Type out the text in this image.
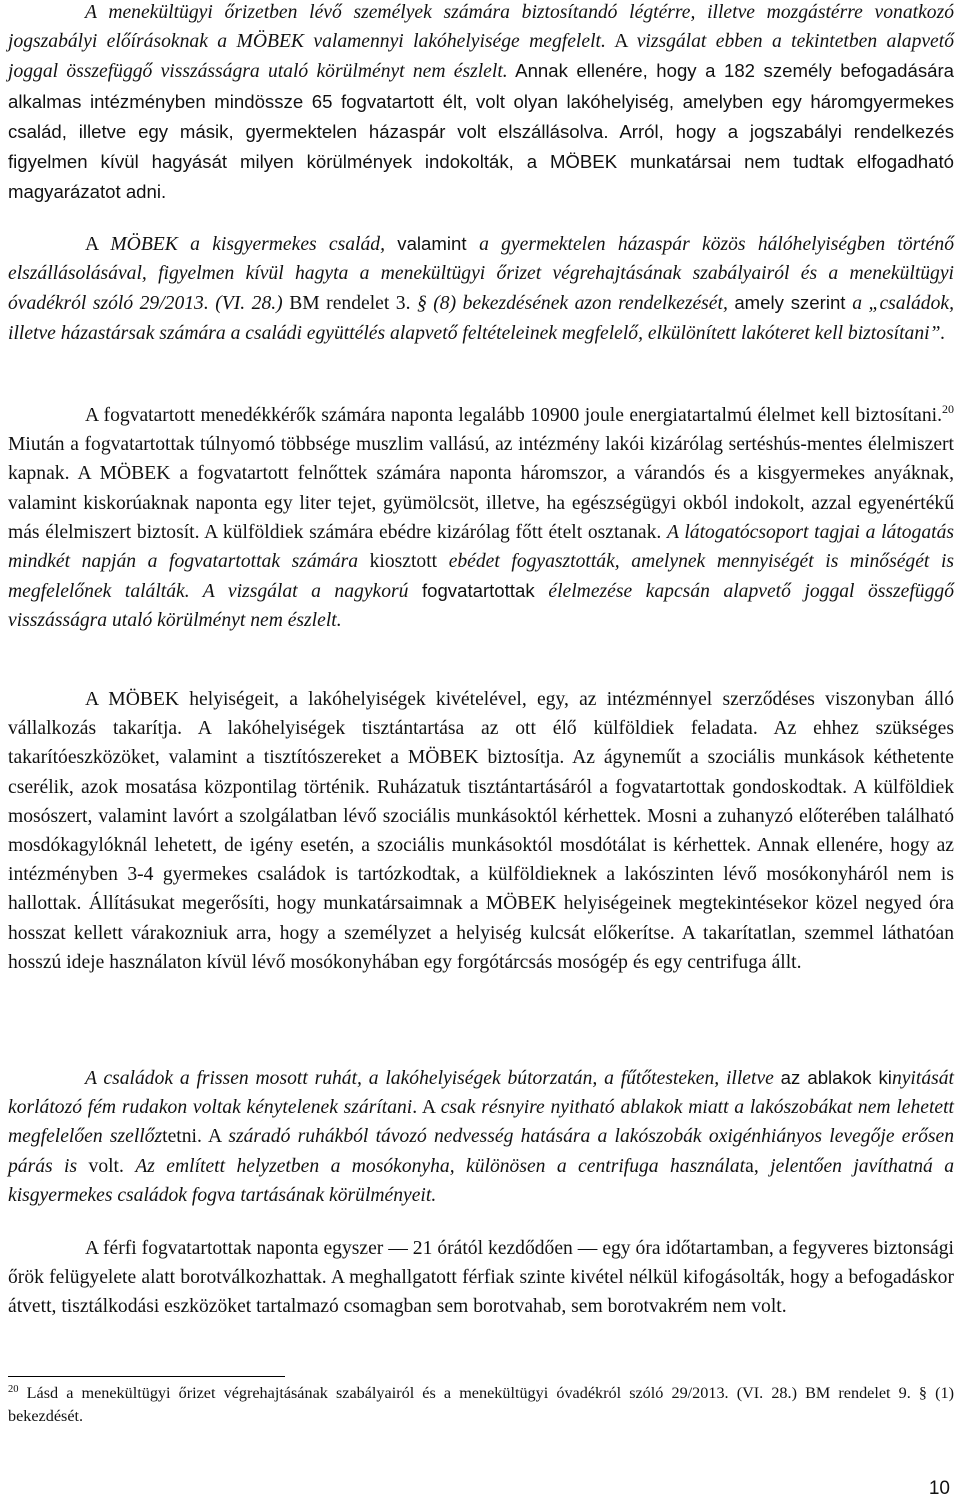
A menekültügyi őrizetben lévő személyek számára biztosítandó légtérre, illetve mozgástérre vonatkozó jogszabályi előírásoknak a MÖBEK valamennyi lakóhelyisége megfelelt. A vizsgálat ebben a tekintetben alapvető joggal összefüggő visszásságra utaló körülményt nem észlelt. Annak ellenére, hogy a 182 személy befogadására alkalmas intézményben mindössze 65 fogvatartott élt, volt olyan lakóhelyiség, amelyben egy háromgyermekes család, illetve egy másik, gyermektelen házaspár volt elszállásolva. Arról, hogy a jogszabályi rendelkezés figyelmen kívül hagyását milyen körülmények indokolták, a MÖBEK munkatársai nem tudtak elfogadható magyarázatot adni.

A MÖBEK a kisgyermekes család, valamint a gyermektelen házaspár közös hálóhelyiségben történő elszállásolásával, figyelmen kívül hagyta a menekültügyi őrizet végrehajtásának szabályairól és a menekültügyi óvadékról szóló 29/2013. (VI. 28.) BM rendelet 3. § (8) bekezdésének azon rendelkezését, amely szerint a „családok, illetve házastársak számára a családi együttélés alapvető feltételeinek megfelelő, elkülönített lakóteret kell biztosítani”.

A fogvatartott menedékkérők számára naponta legalább 10900 joule energiatartalmú élelmet kell biztosítani.$^{20}$ Miután a fogvatartottak túlnyomó többsége muszlim vallású, az intézmény lakói kizárólag sertéshús-mentes élelmiszert kapnak. A MÖBEK a fogvatartott felnőttek számára naponta háromszor, a várandós és a kisgyermekes anyáknak, valamint kiskorúaknak naponta egy liter tejet, gyümölcsöt, illetve, ha egészségügyi okból indokolt, azzal egyenértékű más élelmiszert biztosít. A külföldiek számára ebédre kizárólag főtt ételt osztanak. A látogatócsoport tagjai a látogatás mindkét napján a fogvatartottak számára kiosztott ebédet fogyasztották, amelynek mennyiségét is minőségét is megfelelőnek találták. A vizsgálat a nagykorú fogvatartottak élelmezése kapcsán alapvető joggal összefüggő visszásságra utaló körülményt nem észlelt.

A MÖBEK helyiségeit, a lakóhelyiségek kivételével, egy, az intézménnyel szerződéses viszonyban álló vállalkozás takarítja. A lakóhelyiségek tisztántartása az ott élő külföldiek feladata. Az ehhez szükséges takarítóeszközöket, valamint a tisztítószereket a MÖBEK biztosítja. Az ágyneműt a szociális munkások kéthetente cserélik, azok mosatása központilag történik. Ruházatuk tisztántartásáról a fogvatartottak gondoskodtak. A külföldiek mosószert, valamint lavórt a szolgálatban lévő szociális munkásoktól kérhettek. Mosni a zuhanyzó előterében található mosdókagylóknál lehetett, de igény esetén, a szociális munkásoktól mosdótálat is kérhettek. Annak ellenére, hogy az intézményben 3-4 gyermekes családok is tartózkodtak, a külföldieknek a lakószinten lévő mosókonyháról nem is hallottak. Állításukat megerősíti, hogy munkatársaimnak a MÖBEK helyiségeinek megtekintésekor közel negyed óra hosszat kellett várakozniuk arra, hogy a személyzet a helyiség kulcsát előkerítse. A takarítatlan, szemmel láthatóan hosszú ideje használaton kívül lévő mosókonyhában egy forgótárcsás mosógép és egy centrifuga állt.

A családok a frissen mosott ruhát, a lakóhelyiségek bútorzatán, a fűtőtesteken, illetve az ablakok kinyitását korlátozó fém rudakon voltak kénytelenek szárítani. A csak résnyire nyitható ablakok miatt a lakószobákat nem lehetett megfelelően szellőztetni. A száradó ruhákból távozó nedvesség hatására a lakószobák oxigénhiányos levegője erősen párás is volt. Az említett helyzetben a mosókonyha, különösen a centrifuga használata, jelentően javíthatná a kisgyermekes családok fogva tartásának körülményeit.

A férfi fogvatartottak naponta egyszer — 21 órától kezdődően — egy óra időtartamban, a fegyveres biztonsági őrök felügyelete alatt borotválkozhattak. A meghallgatott férfiak szinte kivétel nélkül kifogásolták, hogy a befogadáskor átvett, tisztálkodási eszközöket tartalmazó csomagban sem borotvahab, sem borotvakrém nem volt.

$^{20}$ Lásd a menekültügyi őrizet végrehajtásának szabályairól és a menekültügyi óvadékról szóló 29/2013. (VI. 28.) BM rendelet 9. § (1) bekezdését.

10
